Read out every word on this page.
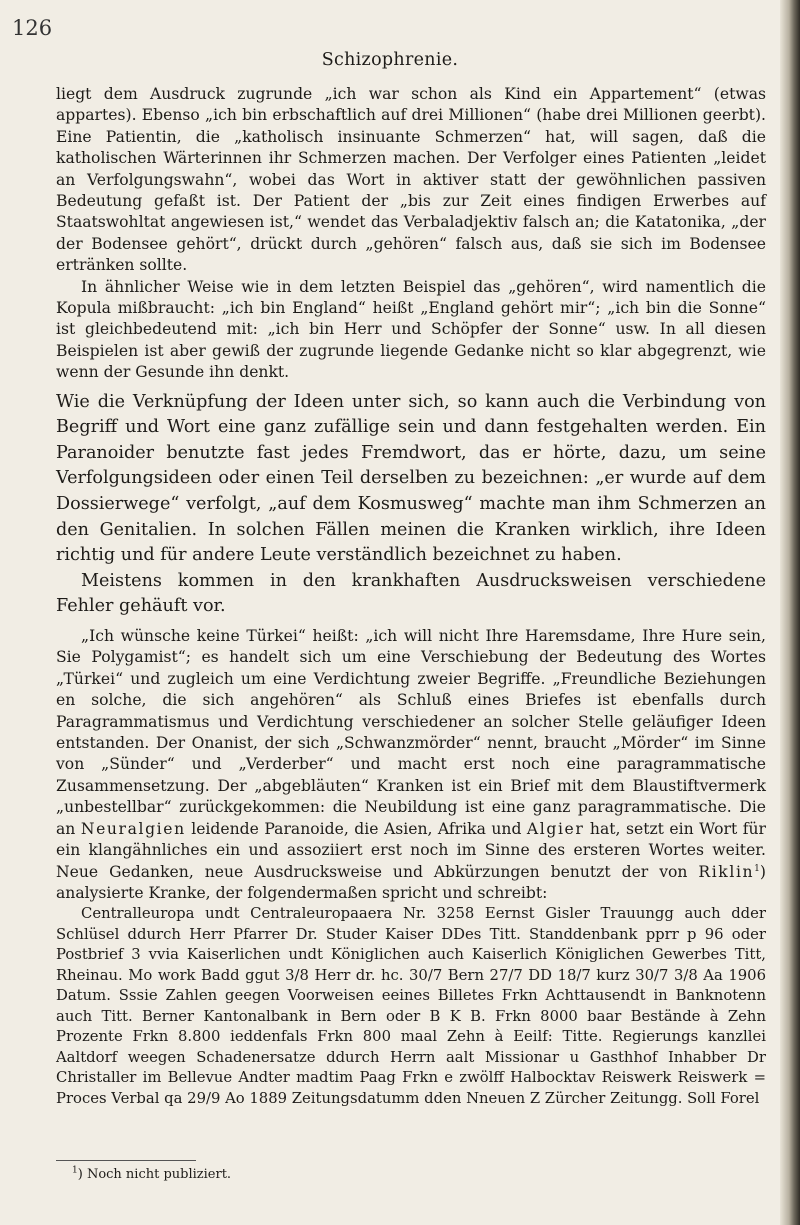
126
Schizophrenie.

liegt dem Ausdruck zugrunde „ich war schon als Kind ein Appartement“ (etwas appartes). Ebenso „ich bin erbschaftlich auf drei Millionen“ (habe drei Millionen geerbt). Eine Patientin, die „katholisch insinuante Schmerzen“ hat, will sagen, daß die katholischen Wärterinnen ihr Schmerzen machen. Der Verfolger eines Patienten „leidet an Verfolgungswahn“, wobei das Wort in aktiver statt der gewöhnlichen passiven Bedeutung gefaßt ist. Der Patient der „bis zur Zeit eines findigen Erwerbes auf Staatswohltat angewiesen ist,“ wendet das Verbaladjektiv falsch an; die Katatonika, „der der Bodensee gehört“, drückt durch „gehören“ falsch aus, daß sie sich im Bodensee ertränken sollte.

In ähnlicher Weise wie in dem letzten Beispiel das „gehören“, wird namentlich die Kopula mißbraucht: „ich bin England“ heißt „England gehört mir“; „ich bin die Sonne“ ist gleichbedeutend mit: „ich bin Herr und Schöpfer der Sonne“ usw. In all diesen Beispielen ist aber gewiß der zugrunde liegende Gedanke nicht so klar abgegrenzt, wie wenn der Gesunde ihn denkt.

Wie die Verknüpfung der Ideen unter sich, so kann auch die Verbindung von Begriff und Wort eine ganz zufällige sein und dann festgehalten werden. Ein Paranoider benutzte fast jedes Fremdwort, das er hörte, dazu, um seine Verfolgungsideen oder einen Teil derselben zu bezeichnen: „er wurde auf dem Dossierwege“ verfolgt, „auf dem Kosmusweg“ machte man ihm Schmerzen an den Genitalien. In solchen Fällen meinen die Kranken wirklich, ihre Ideen richtig und für andere Leute verständlich bezeichnet zu haben.

Meistens kommen in den krankhaften Ausdrucksweisen verschiedene Fehler gehäuft vor.

„Ich wünsche keine Türkei“ heißt: „ich will nicht Ihre Haremsdame, Ihre Hure sein, Sie Polygamist“; es handelt sich um eine Verschiebung der Bedeutung des Wortes „Türkei“ und zugleich um eine Verdichtung zweier Begriffe. „Freundliche Beziehungen en solche, die sich angehören“ als Schluß eines Briefes ist ebenfalls durch Paragrammatismus und Verdichtung verschiedener an solcher Stelle geläufiger Ideen entstanden. Der Onanist, der sich „Schwanzmörder“ nennt, braucht „Mörder“ im Sinne von „Sünder“ und „Verderber“ und macht erst noch eine paragrammatische Zusammensetzung. Der „abgebläuten“ Kranken ist ein Brief mit dem Blaustiftvermerk „unbestellbar“ zurückgekommen: die Neubildung ist eine ganz paragrammatische. Die an Neuralgien leidende Paranoide, die Asien, Afrika und Algier hat, setzt ein Wort für ein klangähnliches ein und assoziiert erst noch im Sinne des ersteren Wortes weiter. Neue Gedanken, neue Ausdrucksweise und Abkürzungen benutzt der von Riklin$^1$) analysierte Kranke, der folgendermaßen spricht und schreibt:

Centralleuropa undt Centraleuropaaera Nr. 3258 Eernst Gisler Trauungg auch dder Schlüsel ddurch Herr Pfarrer Dr. Studer Kaiser DDes Titt. Standdenbank pprr p 96 oder Postbrief 3 vvia Kaiserlichen undt Königlichen auch Kaiserlich Königlichen Gewerbes Titt, Rheinau. Mo work Badd ggut 3/8 Herr dr. hc. 30/7 Bern 27/7 DD 18/7 kurz 30/7 3/8 Aa 1906 Datum. Sssie Zahlen geegen Voorweisen eeines Billetes Frkn Achttausendt in Banknotenn auch Titt. Berner Kantonalbank in Bern oder B K B. Frkn 8000 baar Bestände à Zehn Prozente Frkn 8.800 ieddenfals Frkn 800 maal Zehn à Eeilf: Titte. Regierungs kanzllei Aaltdorf weegen Schadenersatze ddurch Herrn aalt Missionar u Gasthhof Inhabber Dr Christaller im Bellevue Andter madtim Paag Frkn e zwölff Halbocktav Reiswerk Reiswerk = Proces Verbal qa 29/9 Ao 1889 Zeitungsdatumm dden Nneuen Z Zürcher Zeitungg. Soll Forel

$^1$) Noch nicht publiziert.
